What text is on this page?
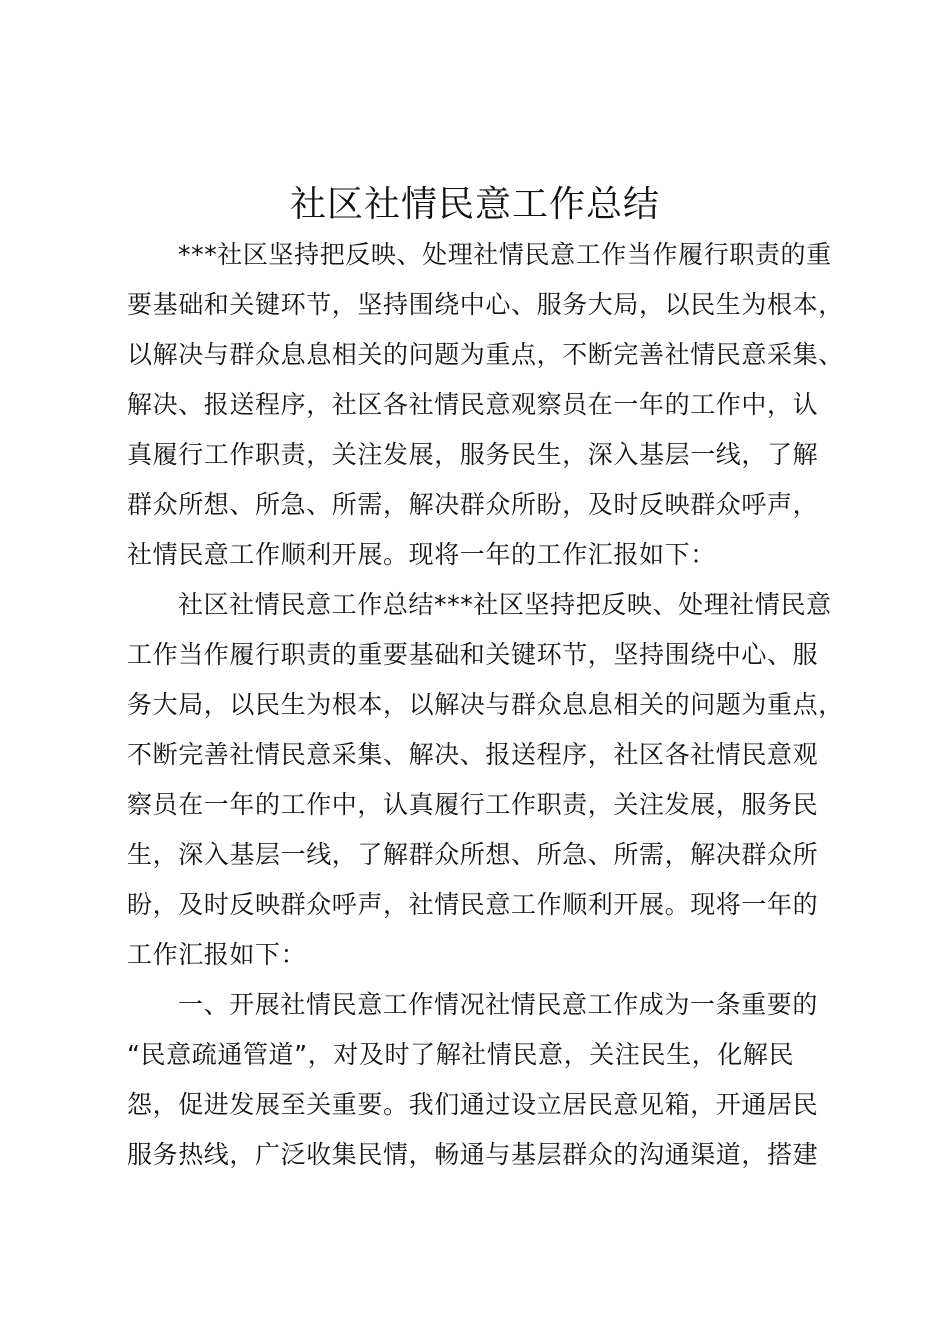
社区社情民意工作总结
***社区坚持把反映、处理社情民意工作当作履行职责的重
要基础和关键环节，坚持围绕中心、服务大局，以民生为根本，
以解决与群众息息相关的问题为重点，不断完善社情民意采集、
解决、报送程序，社区各社情民意观察员在一年的工作中，认
真履行工作职责，关注发展，服务民生，深入基层一线，了解
群众所想、所急、所需，解决群众所盼，及时反映群众呼声，
社情民意工作顺利开展。现将一年的工作汇报如下：
社区社情民意工作总结***社区坚持把反映、处理社情民意
工作当作履行职责的重要基础和关键环节，坚持围绕中心、服
务大局，以民生为根本，以解决与群众息息相关的问题为重点，
不断完善社情民意采集、解决、报送程序，社区各社情民意观
察员在一年的工作中，认真履行工作职责，关注发展，服务民
生，深入基层一线，了解群众所想、所急、所需，解决群众所
盼，及时反映群众呼声，社情民意工作顺利开展。现将一年的
工作汇报如下：
一、开展社情民意工作情况社情民意工作成为一条重要的
“民意疏通管道”，对及时了解社情民意，关注民生，化解民
怨，促进发展至关重要。我们通过设立居民意见箱，开通居民
服务热线，广泛收集民情，畅通与基层群众的沟通渠道，搭建
